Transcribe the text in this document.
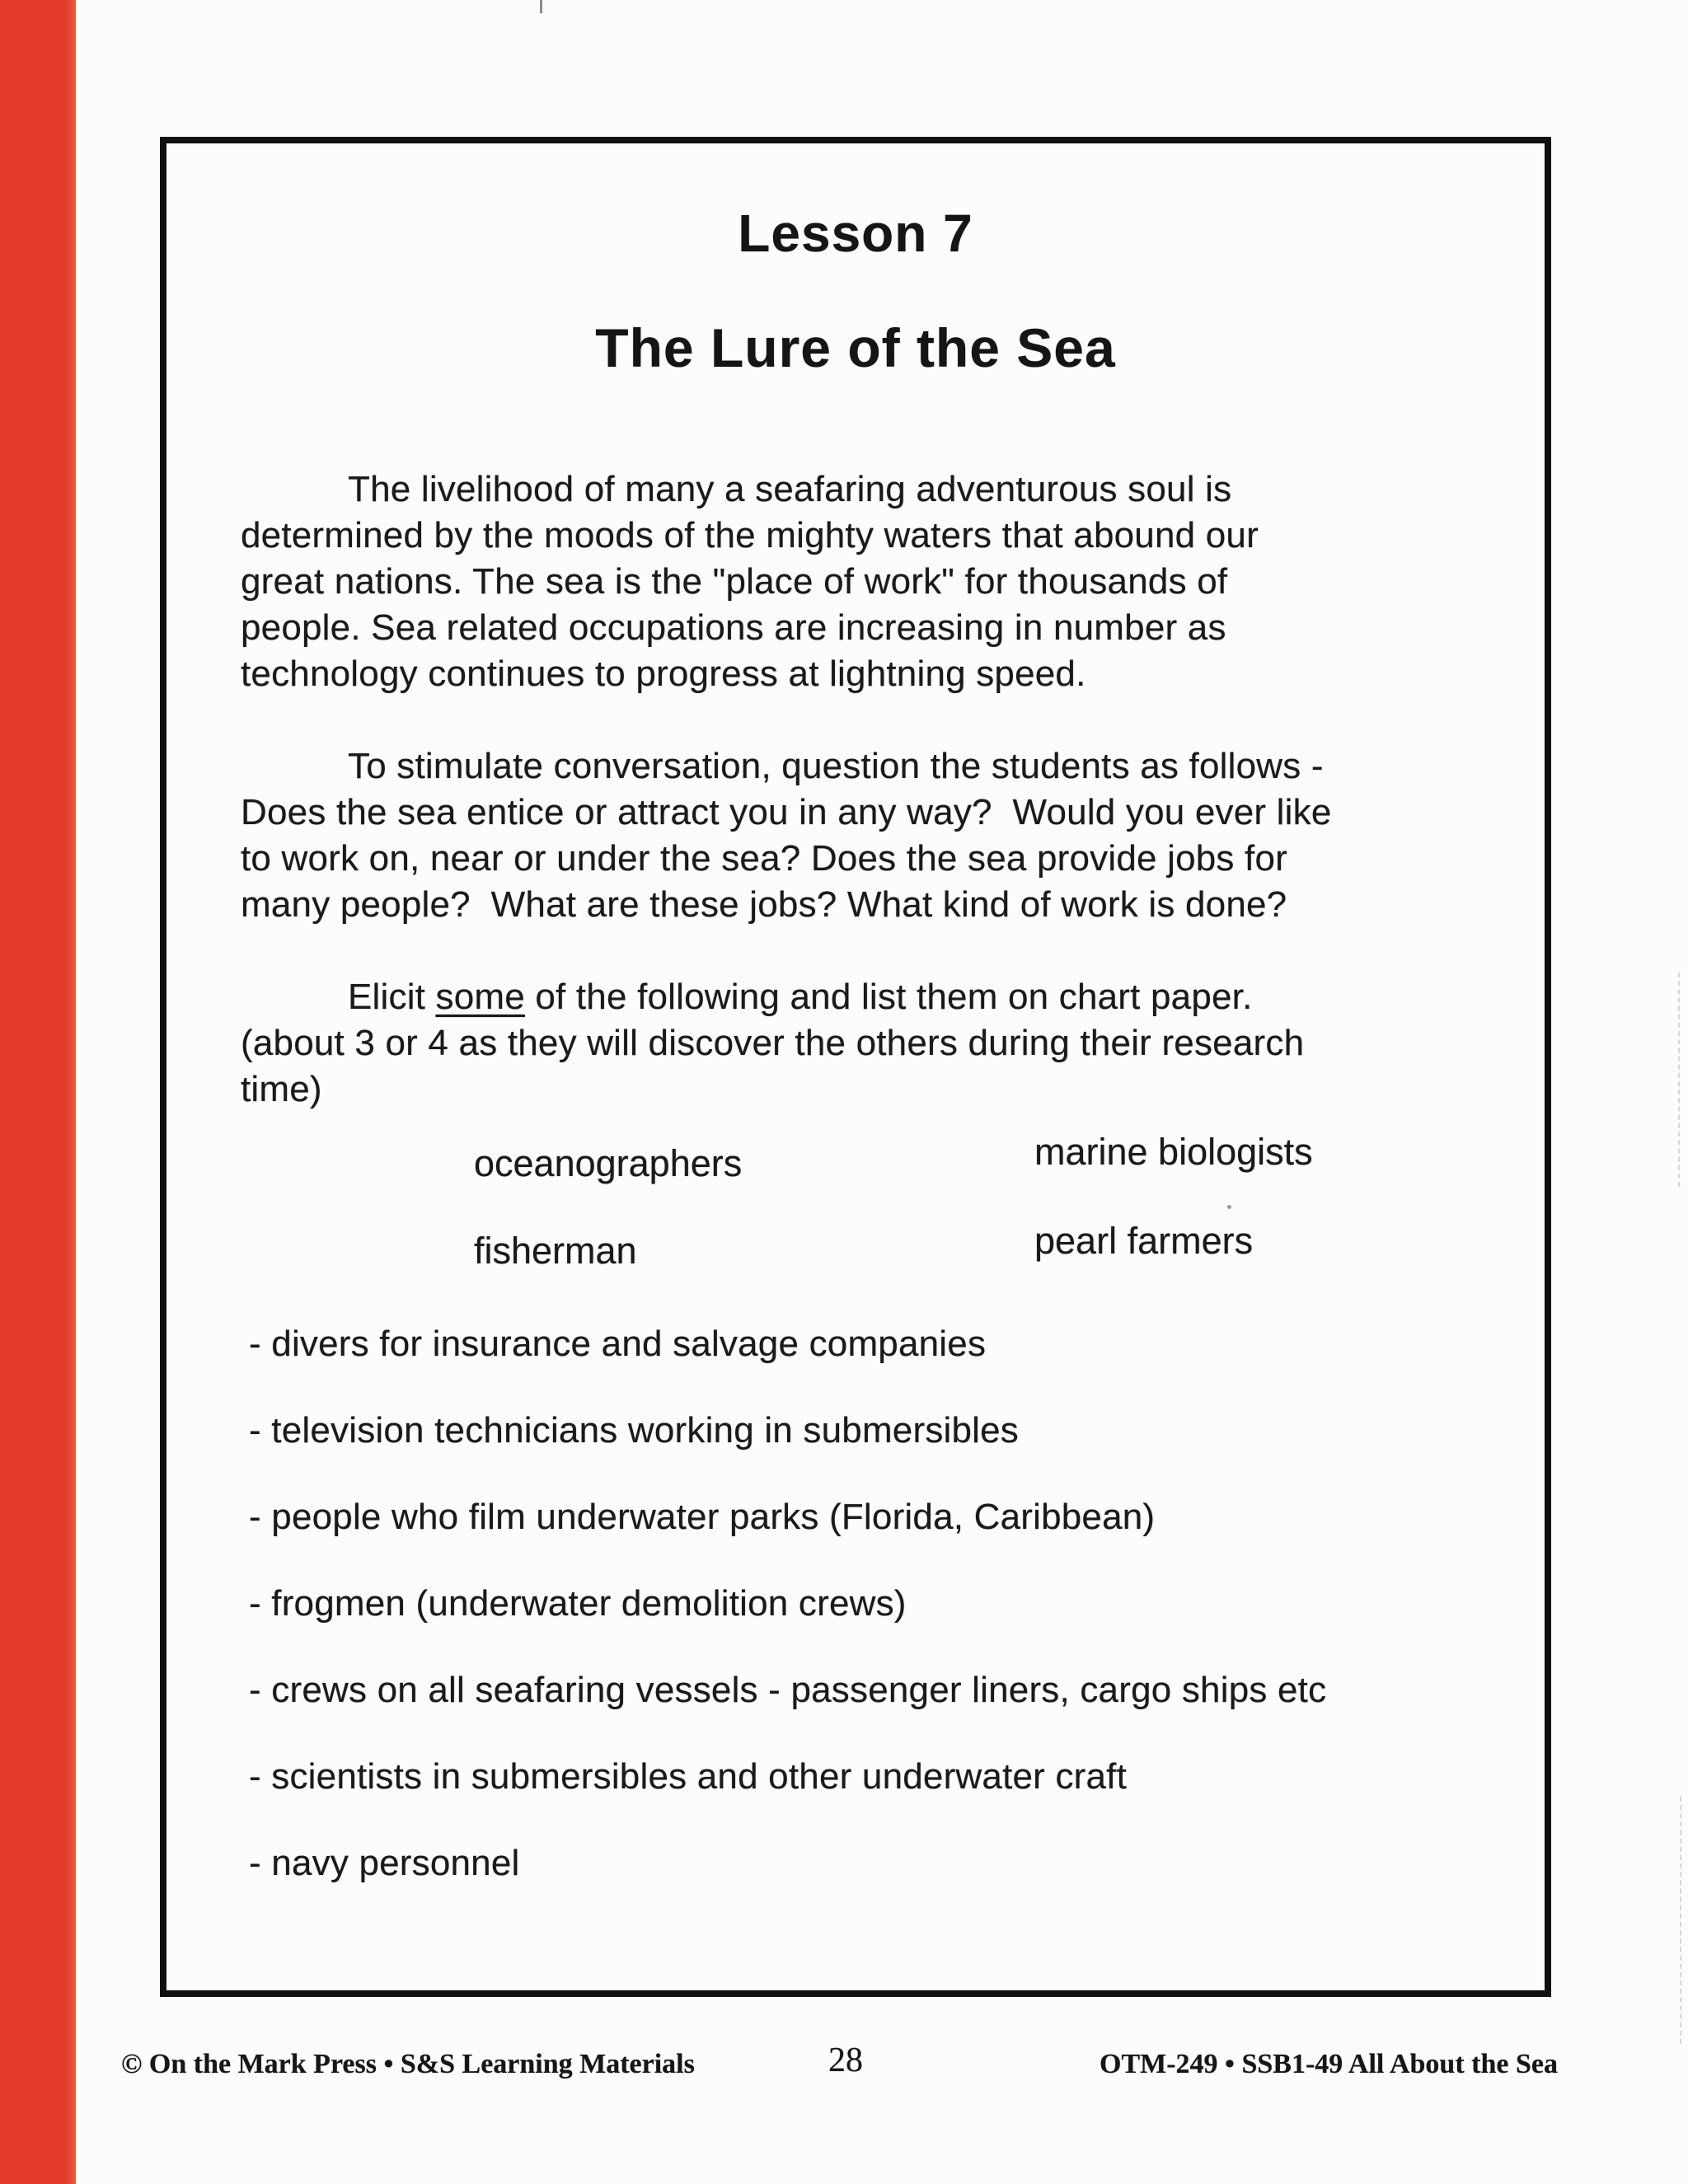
Lesson 7
The Lure of the Sea
The livelihood of many a seafaring adventurous soul is
determined by the moods of the mighty waters that abound our
great nations. The sea is the "place of work" for thousands of
people. Sea related occupations are increasing in number as
technology continues to progress at lightning speed.
To stimulate conversation, question the students as follows -
Does the sea entice or attract you in any way?  Would you ever like
to work on, near or under the sea? Does the sea provide jobs for
many people?  What are these jobs? What kind of work is done?
Elicit some of the following and list them on chart paper.
(about 3 or 4 as they will discover the others during their research
time)
oceanographers	marine biologists
fisherman	pearl farmers
- divers for insurance and salvage companies
- television technicians working in submersibles
- people who film underwater parks (Florida, Caribbean)
- frogmen (underwater demolition crews)
- crews on all seafaring vessels - passenger liners, cargo ships etc
- scientists in submersibles and other underwater craft
- navy personnel
© On the Mark Press • S&S Learning Materials	28	OTM-249 • SSB1-49 All About the Sea
